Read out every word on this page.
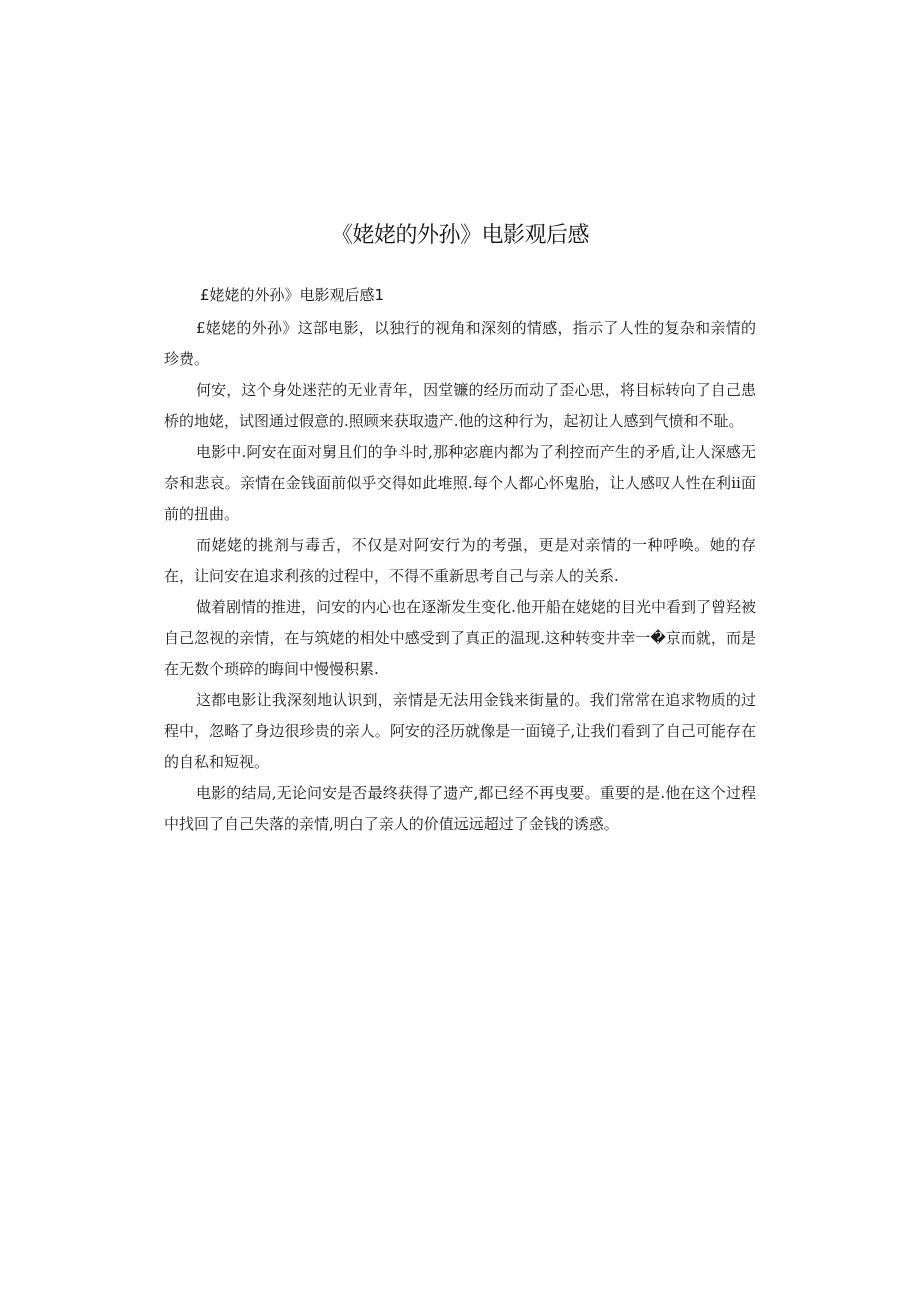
《姥姥的外孙》电影观后感
£姥姥的外孙》电影观后感1

£姥姥的外孙》这部电影，以独行的视角和深刻的情感，指示了人性的复杂和亲情的珍费。

何安，这个身处迷茫的无业青年，因堂镰的经历而动了歪心思，将目标转向了自己患桥的地姥，试图通过假意的.照顾来获取遗产.他的这种行为，起初让人感到气愤和不耻。

电影中.阿安在面对舅且们的争斗时,那种宓鹿内都为了利控而产生的矛盾,让人深感无奈和悲哀。亲情在金钱面前似乎交得如此堆照.每个人都心怀鬼胎，让人感叹人性在利ii面前的扭曲。

而姥姥的挑剂与毒舌，不仅是对阿安行为的考强，更是对亲情的一种呼唤。她的存在，让问安在追求利孩的过程中，不得不重新思考自己与亲人的关系.

做着剧情的推进，问安的内心也在逐渐发生变化.他开船在姥姥的目光中看到了曾羟被自己忽视的亲情，在与筑姥的相处中感受到了真正的温现.这种转变井幸一�京而就，而是在无数个琐碎的晦间中慢慢积累.

这都电影让我深刻地认识到，亲情是无法用金钱来街量的。我们常常在追求物质的过程中，忽略了身边很珍贵的亲人。阿安的泾历就像是一面镜子,让我们看到了自己可能存在的自私和短视。

电影的结局,无论问安是否最终获得了遗产,都已经不再曳要。重要的是.他在这个过程中找回了自己失落的亲情,明白了亲人的价值远远超过了金钱的诱惑。
